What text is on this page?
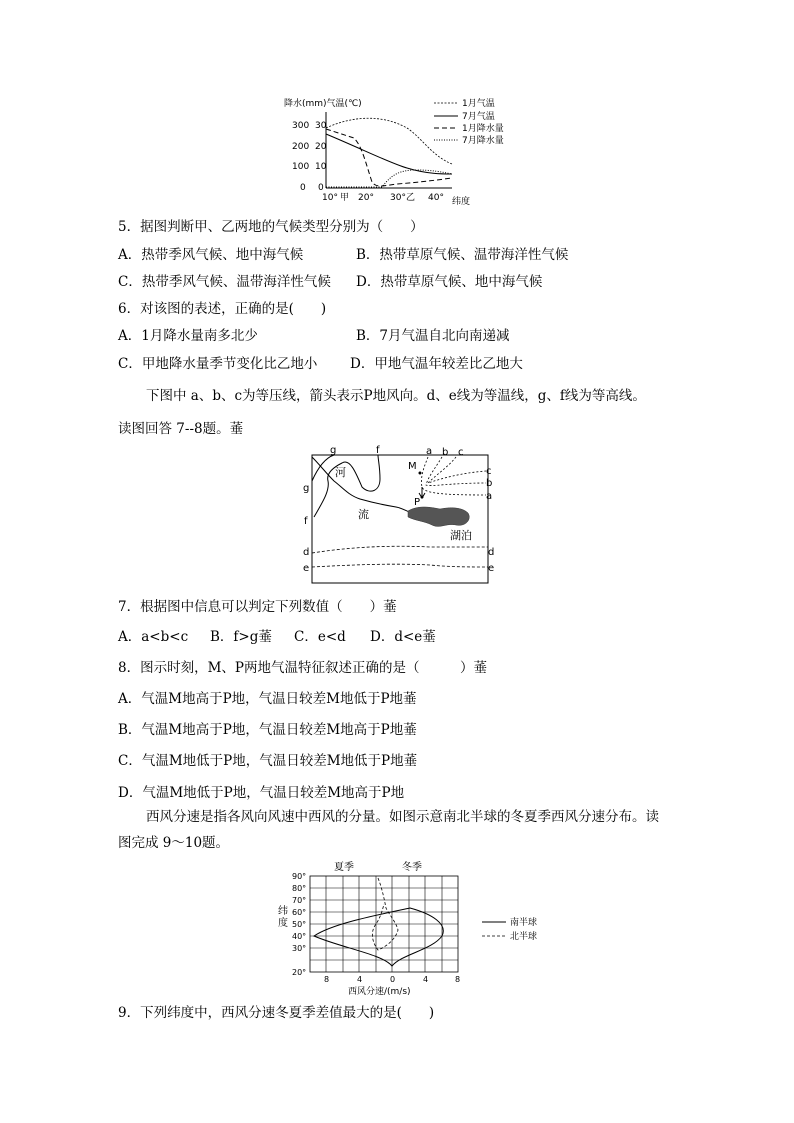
降水(mm)气温(℃)
300
200
100
0
30
20
10
0
10° 甲 20° 30° 乙 40° 纬度
1月气温
7月气温
1月降水量
7月降水量
5．据图判断甲、乙两地的气候类型分别为（　　）
A．热带季风气候、地中海气候	B．热带草原气候、温带海洋性气候
C．热带季风气候、温带海洋性气候 D．热带草原气候、地中海气候
6．对该图的表述，正确的是(　　)
A．1月降水量南多北少	B．7月气温自北向南递减
C．甲地降水量季节变化比乙地小 D．甲地气温年较差比乙地大
下图中 a、b、c为等压线，箭头表示P地风向。d、e线为等温线，g、f线为等高线。
读图回答 7--8题。菙
g	f
g
f
河
流
湖泊
a b c
c
b
a
M
P
d
e
d
e
7．根据图中信息可以判定下列数值（　　）菙
A．a<b<c B．f>g菙 C．e<d D．d<e菙
8．图示时刻，M、P两地气温特征叙述正确的是（　　　）菙
A．气温M地高于P地，气温日较差M地低于P地菙
B．气温M地高于P地，气温日较差M地高于P地菙
C．气温M地低于P地，气温日较差M地低于P地菙
D．气温M地低于P地，气温日较差M地高于P地
西风分速是指各风向风速中西风的分量。如图示意南北半球的冬夏季西风分速分布。读
图完成 9～10题。
夏季	冬季
纬
度
90°
80°
70°
60°
50°
40°
30°
20°
8	4	0	4	8
西风分速/(m/s)
南半球
北半球
9．下列纬度中，西风分速冬夏季差值最大的是(　　)
